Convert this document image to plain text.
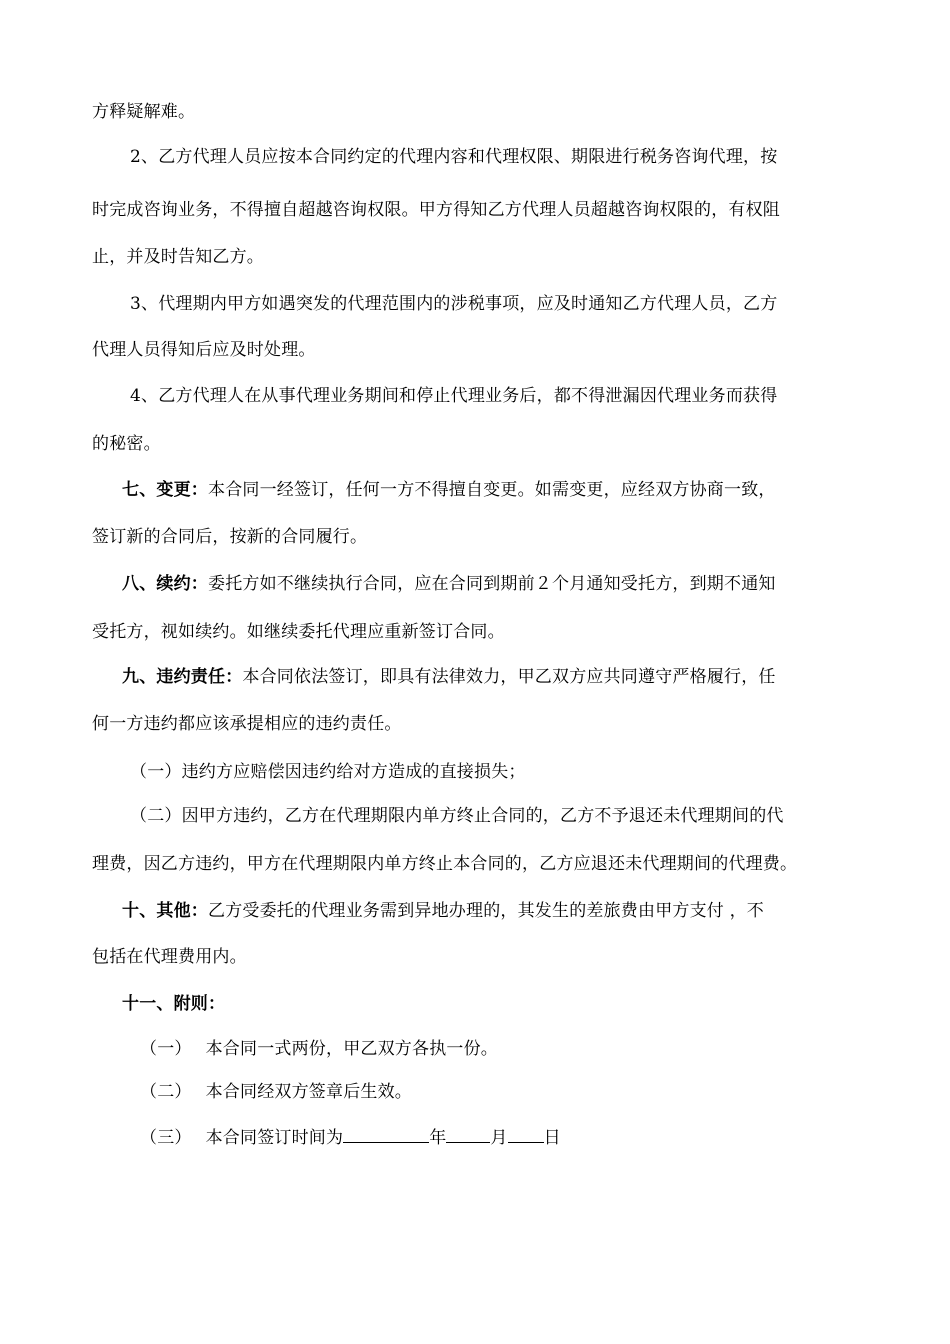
方释疑解难。
2、乙方代理人员应按本合同约定的代理内容和代理权限、期限进行税务咨询代理，按
时完成咨询业务，不得擅自超越咨询权限。甲方得知乙方代理人员超越咨询权限的，有权阻
止，并及时告知乙方。
3、代理期内甲方如遇突发的代理范围内的涉税事项，应及时通知乙方代理人员，乙方
代理人员得知后应及时处理。
4、乙方代理人在从事代理业务期间和停止代理业务后，都不得泄漏因代理业务而获得
的秘密。
七、变更：本合同一经签订，任何一方不得擅自变更。如需变更，应经双方协商一致，
签订新的合同后，按新的合同履行。
八、续约：委托方如不继续执行合同，应在合同到期前２个月通知受托方，到期不通知
受托方，视如续约。如继续委托代理应重新签订合同。
九、违约责任：本合同依法签订，即具有法律效力，甲乙双方应共同遵守严格履行，任
何一方违约都应该承提相应的违约责任。
（一）违约方应赔偿因违约给对方造成的直接损失；
（二）因甲方违约，乙方在代理期限内单方终止合同的，乙方不予退还未代理期间的代
理费，因乙方违约，甲方在代理期限内单方终止本合同的，乙方应退还未代理期间的代理费。
十、其他：乙方受委托的代理业务需到异地办理的，其发生的差旅费由甲方支付 ，不
包括在代理费用内。
十一、附则：
（一） 本合同一式两份，甲乙双方各执一份。
（二） 本合同经双方签章后生效。
（三） 本合同签订时间为	年	月 日
